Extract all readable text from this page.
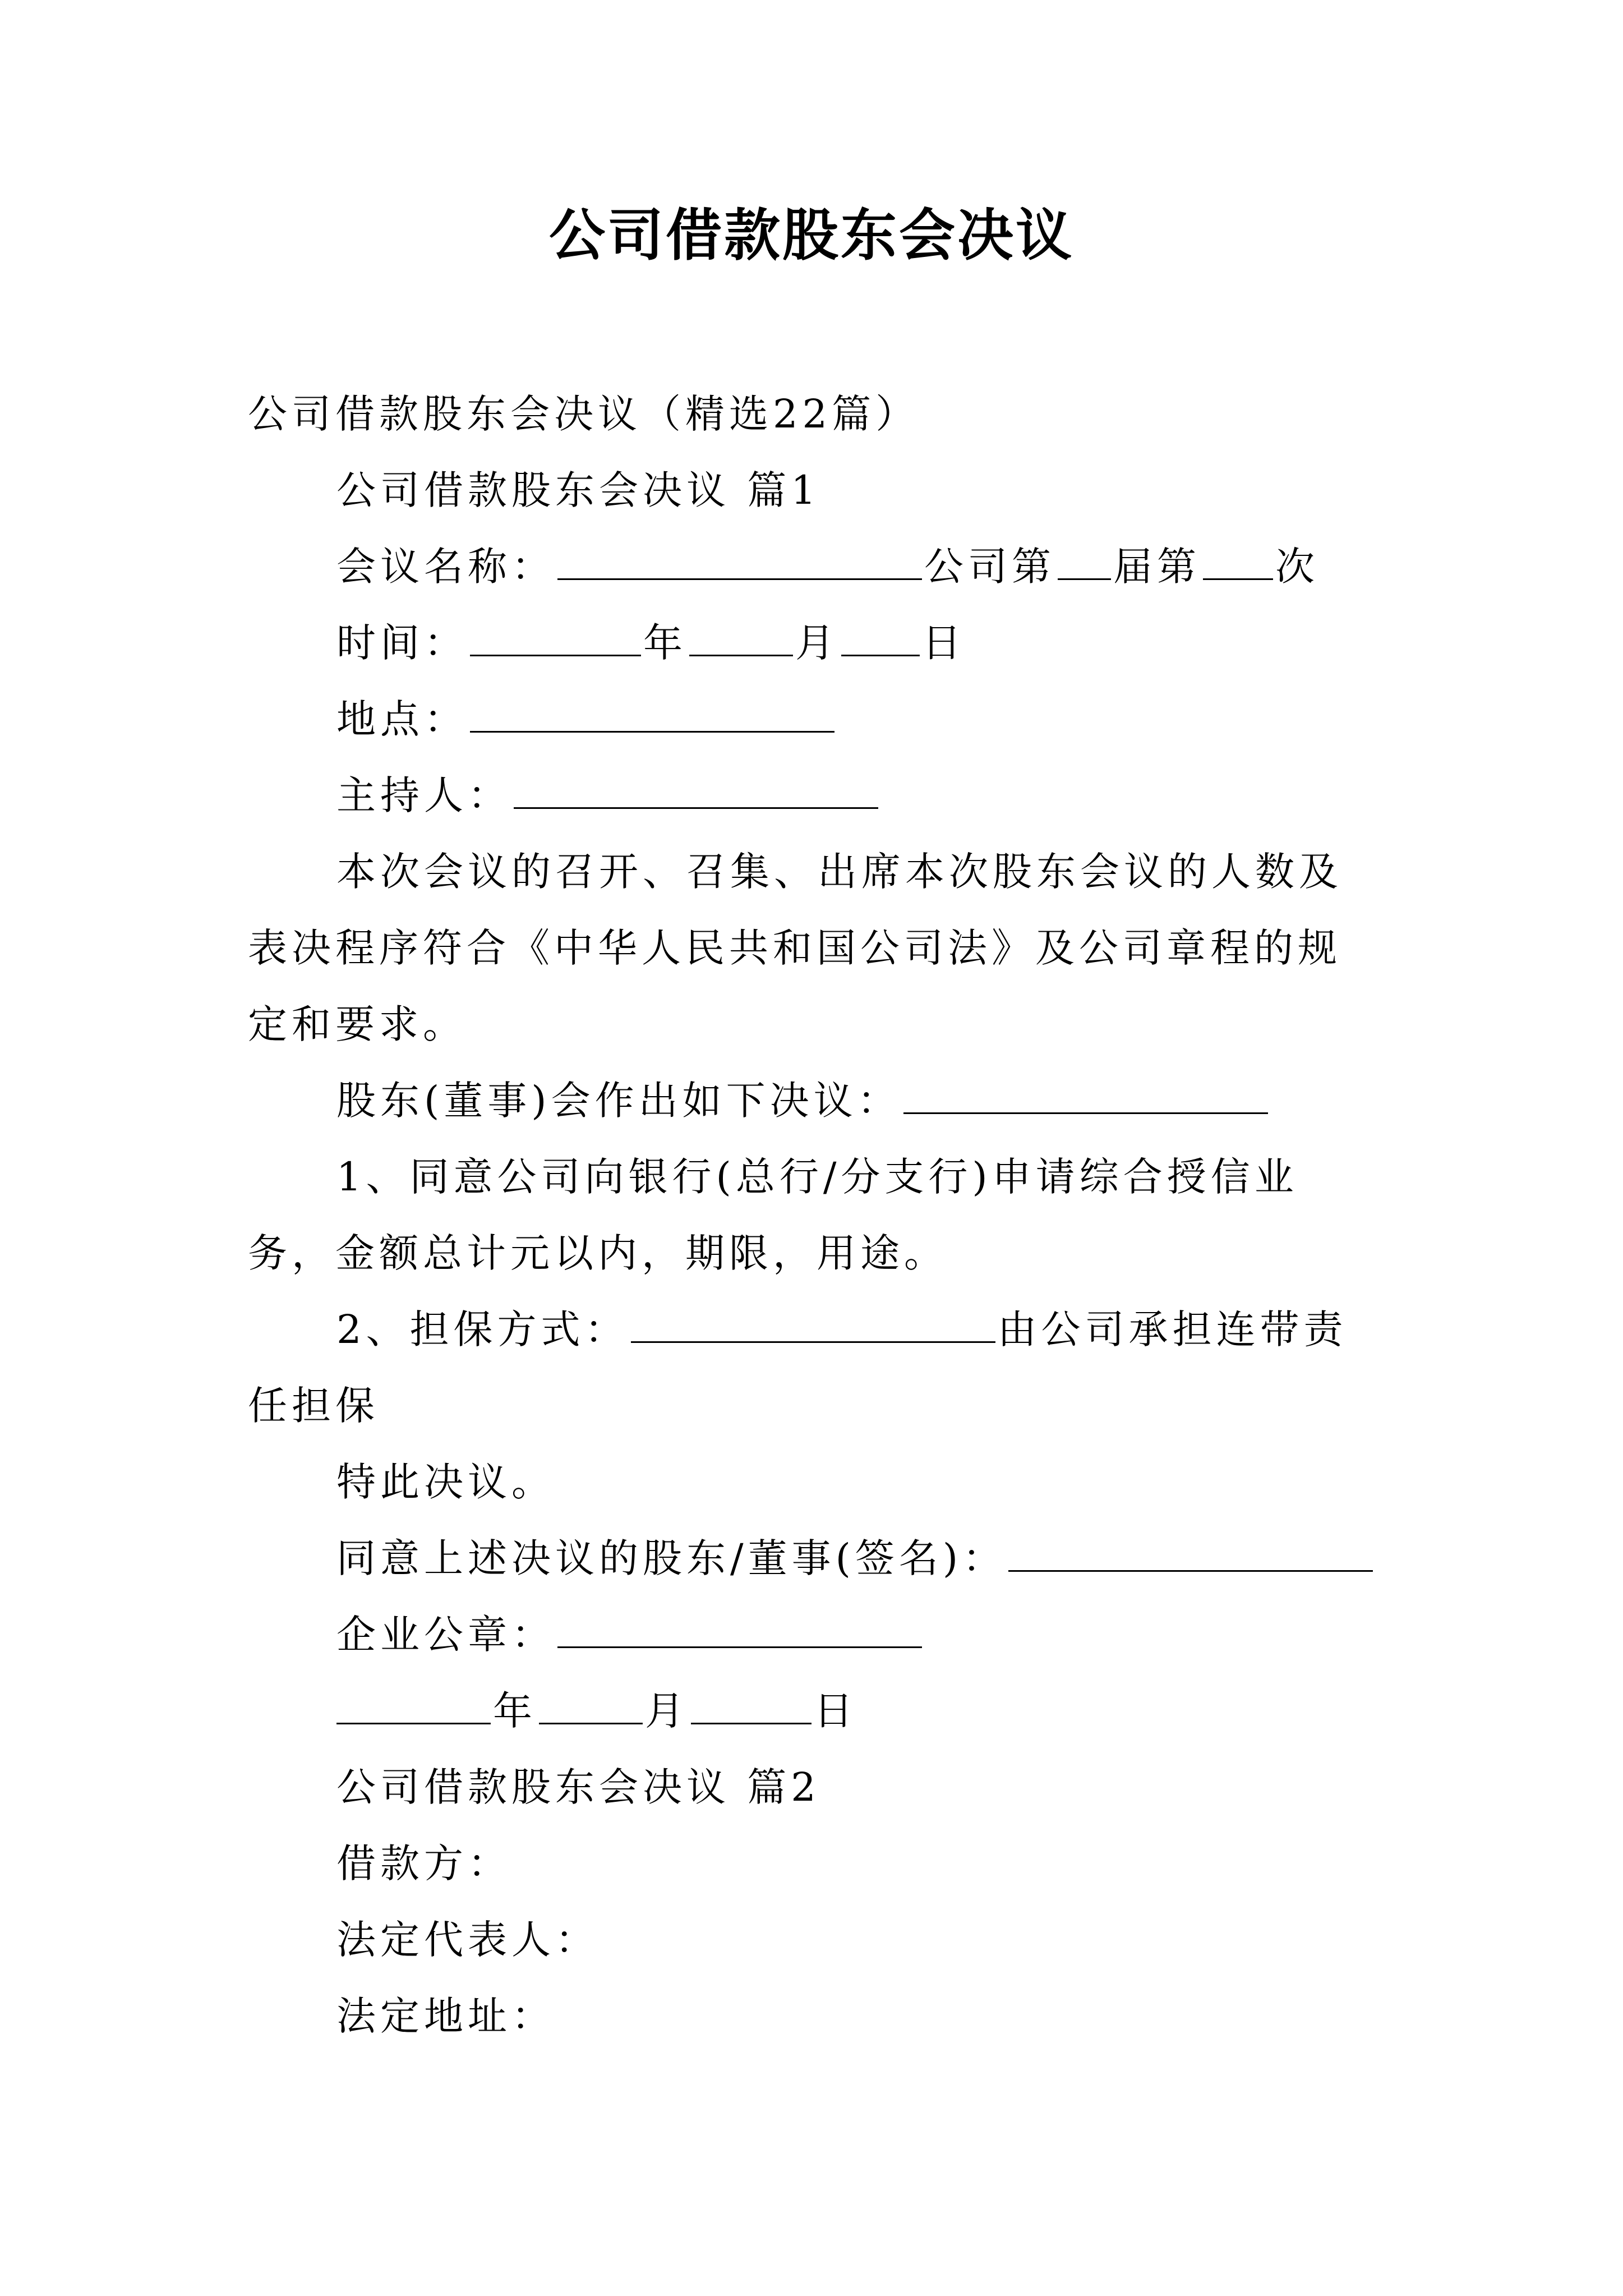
公司借款股东会决议
公司借款股东会决议（精选22篇）
公司借款股东会决议 篇1
会议名称：	公司第 届第 次
时间：	年	月 日
地点：
主持人：
本次会议的召开、召集、出席本次股东会议的人数及表决程序符合《中华人民共和国公司法》及公司章程的规定和要求。
股东(董事)会作出如下决议：
1、同意公司向银行(总行/分支行)申请综合授信业务，金额总计元以内，期限，用途。
2、担保方式：	由公司承担连带责任担保
特此决议。
同意上述决议的股东/董事(签名)：
企业公章：
年	月	日
公司借款股东会决议 篇2
借款方：
法定代表人：
法定地址：
